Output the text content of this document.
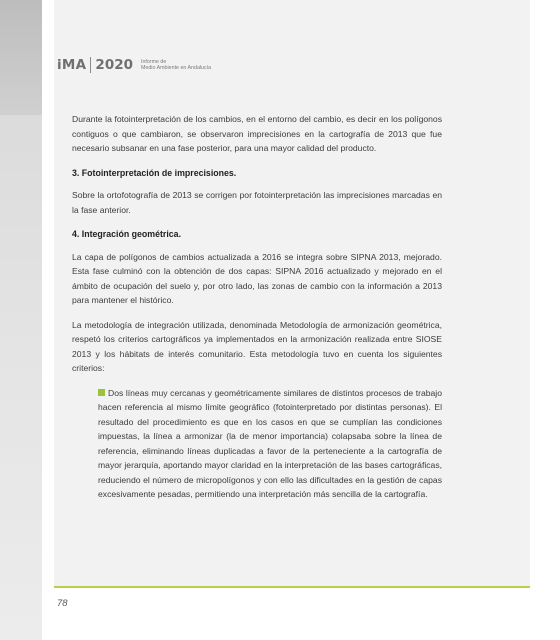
iMA 2020 Informe de
Medio Ambiente en Andalucía

Durante la fotointerpretación de los cambios, en el entorno del cambio, es decir en los polígonos contiguos o que cambiaron, se observaron imprecisiones en la cartografía de 2013 que fue necesario subsanar en una fase posterior, para una mayor calidad del producto.

3. Fotointerpretación de imprecisiones.

Sobre la ortofotografía de 2013 se corrigen por fotointerpretación las imprecisiones marcadas en la fase anterior.

4. Integración geométrica.

La capa de polígonos de cambios actualizada a 2016 se integra sobre SIPNA 2013, mejorado. Esta fase culminó con la obtención de dos capas: SIPNA 2016 actualizado y mejorado en el ámbito de ocupación del suelo y, por otro lado, las zonas de cambio con la información a 2013 para mantener el histórico.

La metodología de integración utilizada, denominada Metodología de armonización geométrica, respetó los criterios cartográficos ya implementados en la armonización realizada entre SIOSE 2013 y los hábitats de interés comunitario. Esta metodología tuvo en cuenta los siguientes criterios:

Dos líneas muy cercanas y geométricamente similares de distintos procesos de trabajo hacen referencia al mismo límite geográfico (fotointerpretado por distintas personas). El resultado del procedimiento es que en los casos en que se cumplían las condiciones impuestas, la línea a armonizar (la de menor importancia) colapsaba sobre la línea de referencia, eliminando líneas duplicadas a favor de la perteneciente a la cartografía de mayor jerarquía, aportando mayor claridad en la interpretación de las bases cartográficas, reduciendo el número de micropolígonos y con ello las dificultades en la gestión de capas excesivamente pesadas, permitiendo una interpretación más sencilla de la cartografía.
78
